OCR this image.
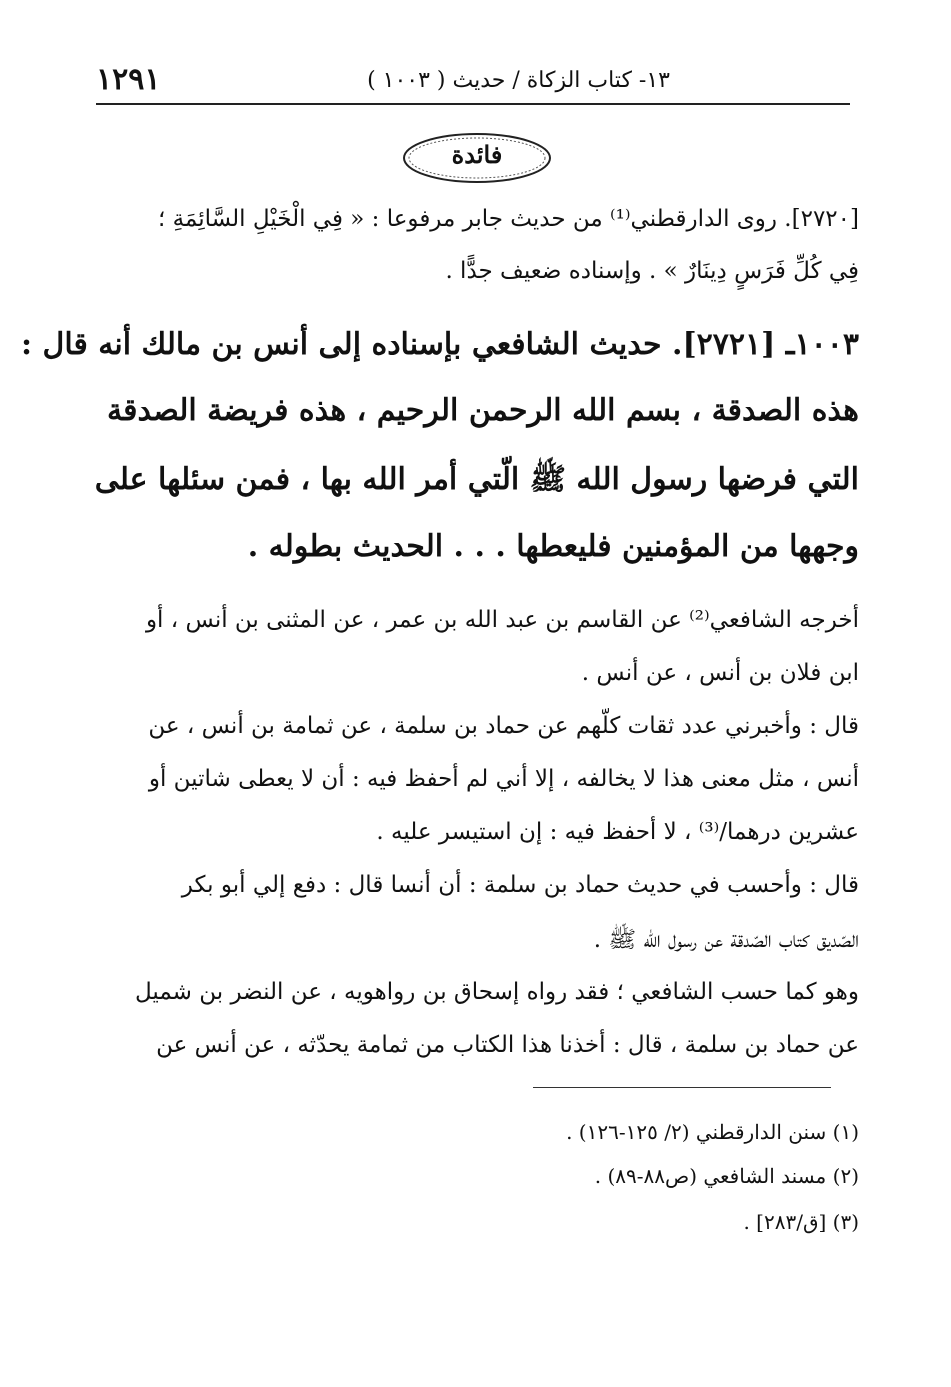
١٢٩١	١٣- كتاب الزكاة / حديث ( ١٠٠٣ )
فائدة
[٢٧٢٠]. روى الدارقطني⁽¹⁾ من حديث جابر مرفوعا : « فِي الْخَيْلِ السَّائِمَةِ ؛
فِي كُلِّ فَرَسٍ دِينَارٌ » . وإسناده ضعيف جدًّا .
١٠٠٣ـ [٢٧٢١]. حديث الشافعي بإسناده إلى أنس بن مالك أنه قال :
هذه الصدقة ، بسم الله الرحمن الرحيم ، هذه فريضة الصدقة
التي فرضها رسول الله ﷺ الّتي أمر الله بها ، فمن سئلها على
وجهها من المؤمنين فليعطها . . . الحديث بطوله .
أخرجه الشافعي⁽²⁾ عن القاسم بن عبد الله بن عمر ، عن المثنى بن أنس ، أو
ابن فلان بن أنس ، عن أنس .
قال : وأخبرني عدد ثقات كلّهم عن حماد بن سلمة ، عن ثمامة بن أنس ، عن
أنس ، مثل معنى هذا لا يخالفه ، إلا أني لم أحفظ فيه : أن لا يعطى شاتين أو
عشرين درهما/⁽³⁾ ، لا أحفظ فيه : إن استيسر عليه .
قال : وأحسب في حديث حماد بن سلمة : أن أنسا قال : دفع إلي أبو بكر
الصّديق كتاب الصّدقة عن رسول الله ﷺ .
وهو كما حسب الشافعي ؛ فقد رواه إسحاق بن رواهويه ، عن النضر بن شميل
عن حماد بن سلمة ، قال : أخذنا هذا الكتاب من ثمامة يحدّثه ، عن أنس عن
(١) سنن الدارقطني (٢/ ١٢٥-١٢٦) .
(٢) مسند الشافعي (ص٨٨-٨٩) .
(٣) [ق/٢٨٣] .
